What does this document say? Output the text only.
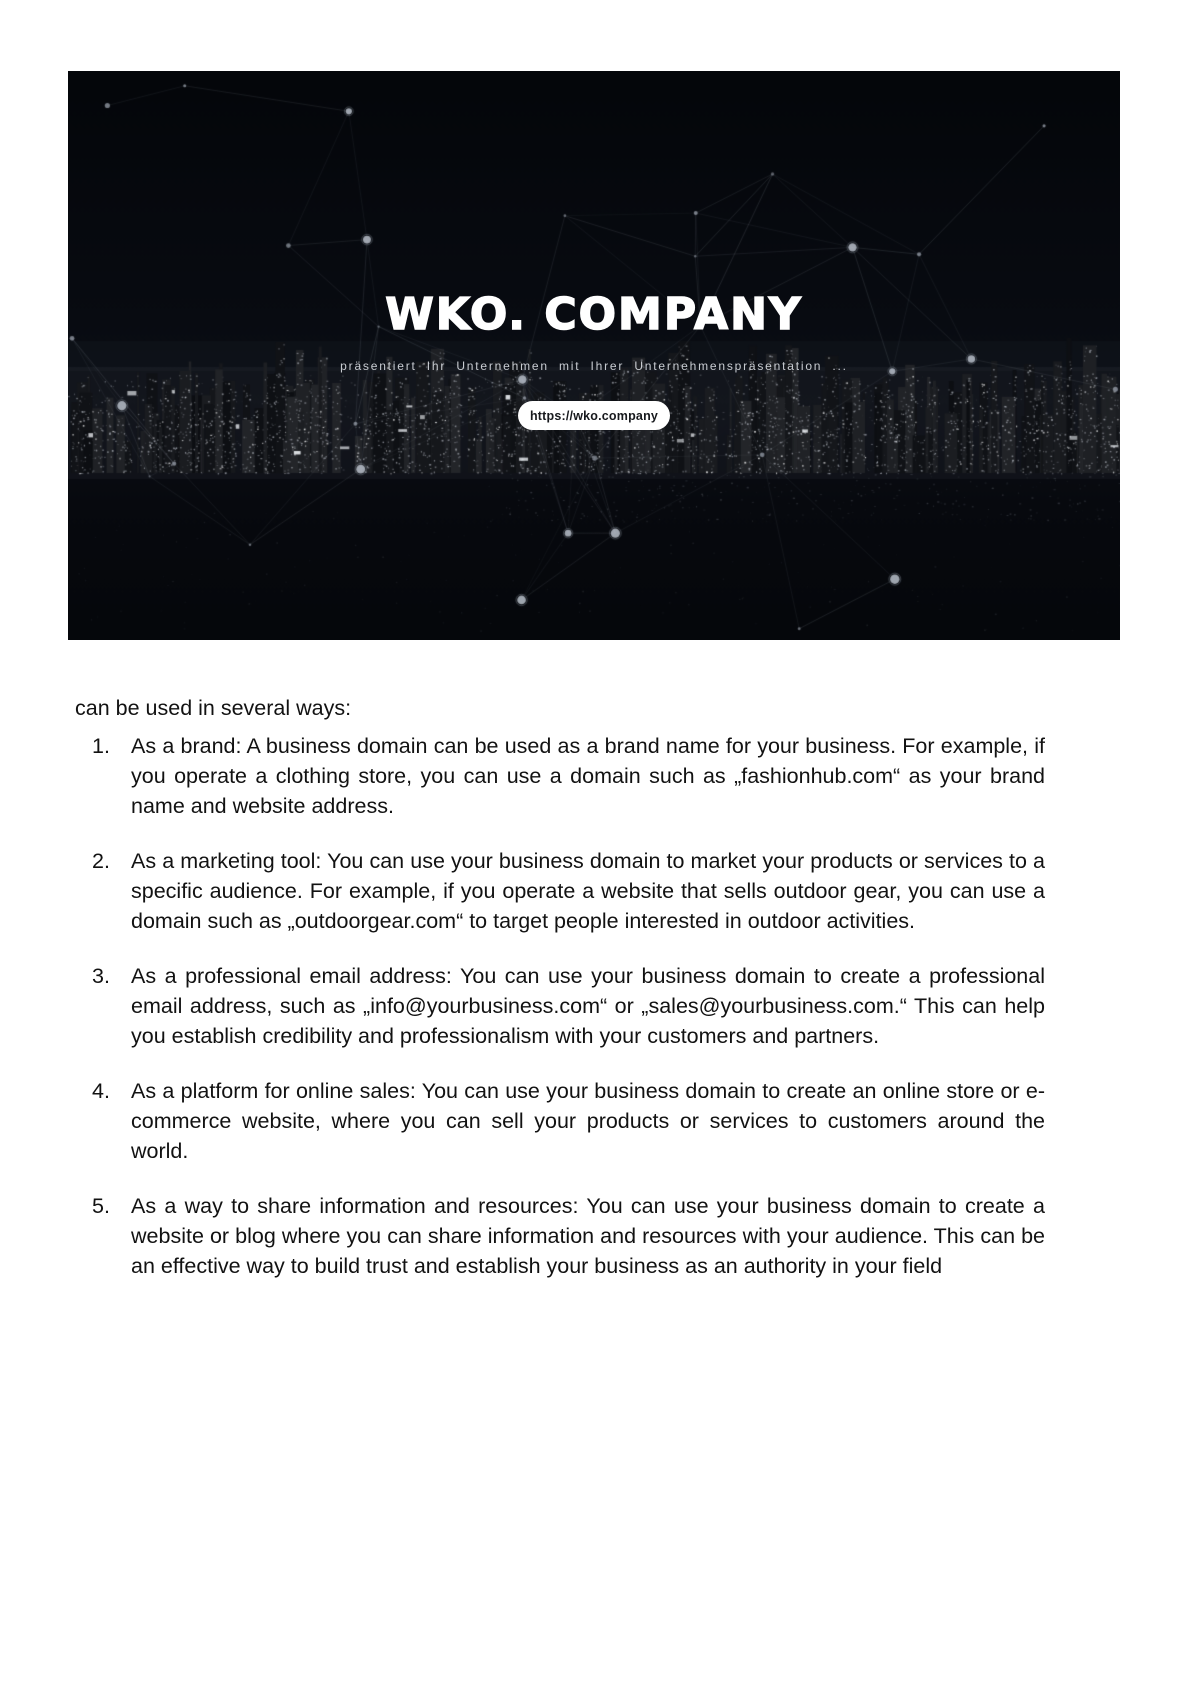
WKO. COMPANY
präsentiert Ihr Unternehmen mit Ihrer Unternehmenspräsentation ...
https://wko.company

can be used in several ways:

1. As a brand: A business domain can be used as a brand name for your business. For example, if you operate a clothing store, you can use a domain such as „fashionhub.com“ as your brand name and website address.
2. As a marketing tool: You can use your business domain to market your products or services to a specific audience. For example, if you operate a website that sells outdoor gear, you can use a domain such as „outdoorgear.com“ to target people interested in outdoor activities.
3. As a professional email address: You can use your business domain to create a professional email address, such as „info@yourbusiness.com“ or „sales@yourbusiness.com.“ This can help you establish credibility and professionalism with your customers and partners.
4. As a platform for online sales: You can use your business domain to create an online store or e-commerce website, where you can sell your products or services to customers around the world.
5. As a way to share information and resources: You can use your business domain to create a website or blog where you can share information and resources with your audience. This can be an effective way to build trust and establish your business as an authority in your field
